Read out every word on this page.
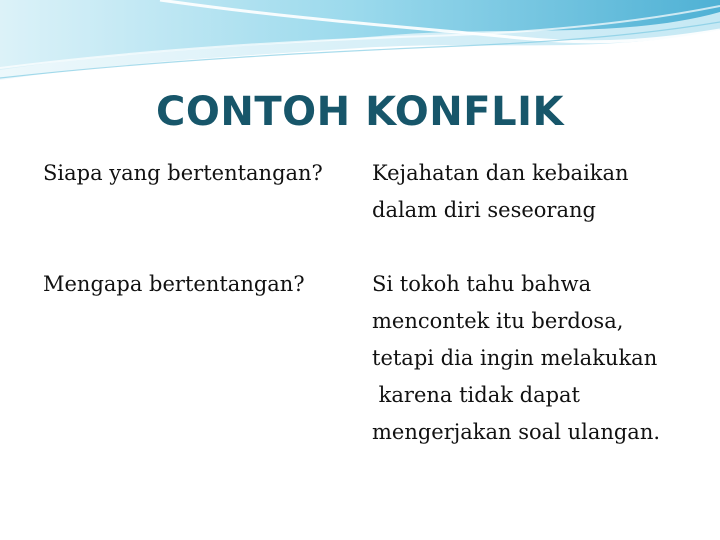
CONTOH KONFLIK
Siapa yang bertentangan?	Kejahatan dan kebaikan
dalam diri seseorang
Mengapa bertentangan?	Si tokoh tahu bahwa
mencontek itu berdosa,
tetapi dia ingin melakukan
karena tidak dapat
mengerjakan soal ulangan.
